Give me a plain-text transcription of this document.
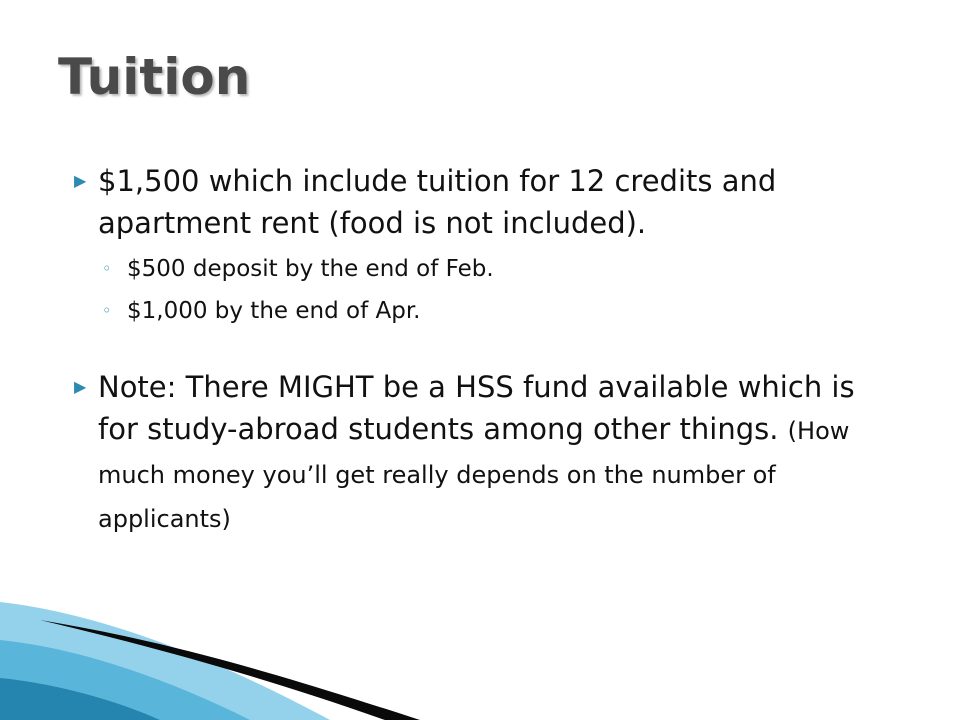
Tuition
▶ $1,500 which include tuition for 12 credits and apartment rent (food is not included).
◦ $500 deposit by the end of Feb.
◦ $1,000 by the end of Apr.
▶ Note: There MIGHT be a HSS fund available which is for study-abroad students among other things. (How much money you’ll get really depends on the number of applicants)
